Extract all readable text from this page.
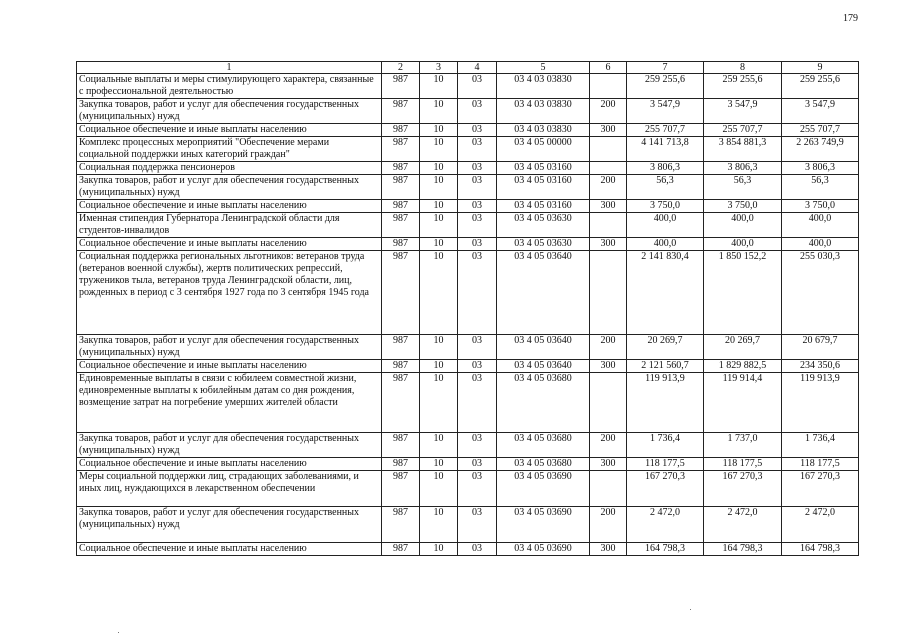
179
1	2	3	4	5	6	7	8	9
Социальные выплаты и меры стимулирующего характера, связанные с профессиональной деятельностью	987	10	03	03 4 03 03830		259 255,6	259 255,6	259 255,6
Закупка товаров, работ и услуг для обеспечения государственных (муниципальных) нужд	987	10	03	03 4 03 03830	200	3 547,9	3 547,9	3 547,9
Социальное обеспечение и иные выплаты населению	987	10	03	03 4 03 03830	300	255 707,7	255 707,7	255 707,7
Комплекс процессных мероприятий "Обеспечение мерами социальной поддержки иных категорий граждан"	987	10	03	03 4 05 00000		4 141 713,8	3 854 881,3	2 263 749,9
Социальная поддержка пенсионеров	987	10	03	03 4 05 03160		3 806,3	3 806,3	3 806,3
Закупка товаров, работ и услуг для обеспечения государственных (муниципальных) нужд	987	10	03	03 4 05 03160	200	56,3	56,3	56,3
Социальное обеспечение и иные выплаты населению	987	10	03	03 4 05 03160	300	3 750,0	3 750,0	3 750,0
Именная стипендия Губернатора Ленинградской области для студентов-инвалидов	987	10	03	03 4 05 03630		400,0	400,0	400,0
Социальное обеспечение и иные выплаты населению	987	10	03	03 4 05 03630	300	400,0	400,0	400,0
Социальная поддержка региональных льготников: ветеранов труда (ветеранов военной службы), жертв политических репрессий, тружеников тыла, ветеранов труда Ленинградской области, лиц, рожденных в период с 3 сентября 1927 года по 3 сентября 1945 года	987	10	03	03 4 05 03640		2 141 830,4	1 850 152,2	255 030,3
Закупка товаров, работ и услуг для обеспечения государственных (муниципальных) нужд	987	10	03	03 4 05 03640	200	20 269,7	20 269,7	20 679,7
Социальное обеспечение и иные выплаты населению	987	10	03	03 4 05 03640	300	2 121 560,7	1 829 882,5	234 350,6
Единовременные выплаты в связи с юбилеем совместной жизни, единовременные выплаты к юбилейным датам со дня рождения, возмещение затрат на погребение умерших жителей области	987	10	03	03 4 05 03680		119 913,9	119 914,4	119 913,9
Закупка товаров, работ и услуг для обеспечения государственных (муниципальных) нужд	987	10	03	03 4 05 03680	200	1 736,4	1 737,0	1 736,4
Социальное обеспечение и иные выплаты населению	987	10	03	03 4 05 03680	300	118 177,5	118 177,5	118 177,5
Меры социальной поддержки лиц, страдающих заболеваниями, и иных лиц, нуждающихся в лекарственном обеспечении	987	10	03	03 4 05 03690		167 270,3	167 270,3	167 270,3
Закупка товаров, работ и услуг для обеспечения государственных (муниципальных) нужд	987	10	03	03 4 05 03690	200	2 472,0	2 472,0	2 472,0
Социальное обеспечение и иные выплаты населению	987	10	03	03 4 05 03690	300	164 798,3	164 798,3	164 798,3
